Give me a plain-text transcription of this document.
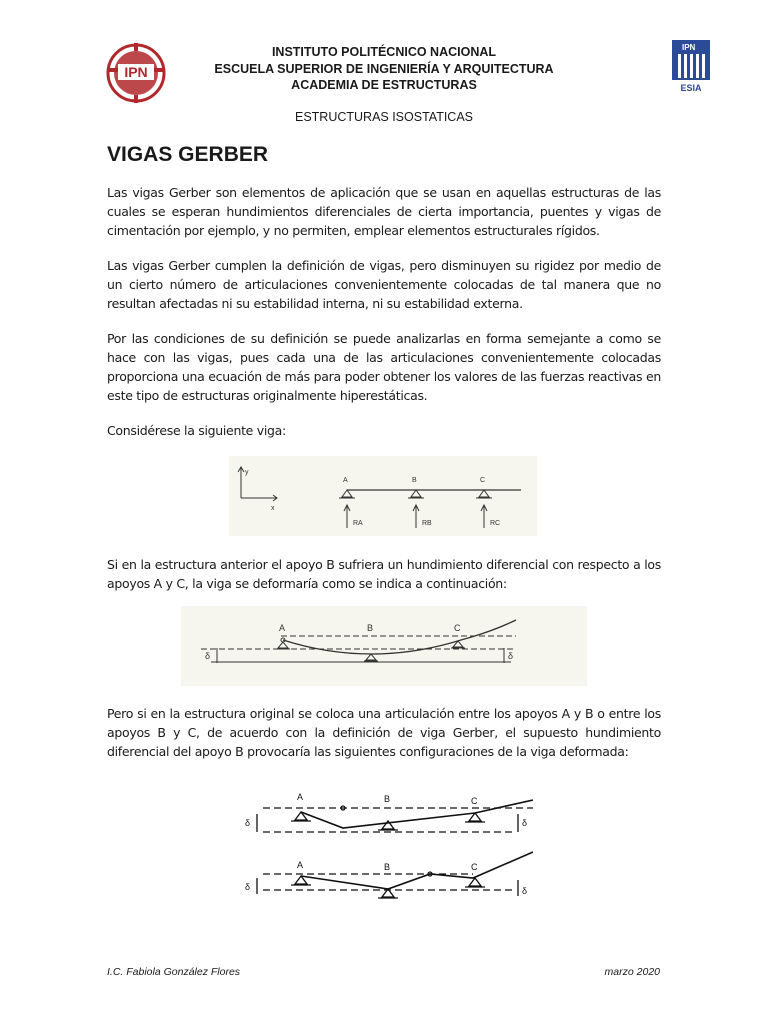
IPN
IPN
ESIA
INSTITUTO POLITÉCNICO NACIONAL
ESCUELA SUPERIOR DE INGENIERÍA Y ARQUITECTURA
ACADEMIA DE ESTRUCTURAS
ESTRUCTURAS ISOSTATICAS
VIGAS GERBER
Las vigas Gerber son elementos de aplicación que se usan en aquellas estructuras de las cuales se esperan hundimientos diferenciales de cierta importancia, puentes y vigas de cimentación por ejemplo, y no permiten, emplear elementos estructurales rígidos.
Las vigas Gerber cumplen la definición de vigas, pero disminuyen su rigidez por medio de un cierto número de articulaciones convenientemente colocadas de tal manera que no resultan afectadas ni su estabilidad interna, ni su estabilidad externa.
Por las condiciones de su definición se puede analizarlas en forma semejante a como se hace con las vigas, pues cada una de las articulaciones convenientemente colocadas proporciona una ecuación de más para poder obtener los valores de las fuerzas reactivas en este tipo de estructuras originalmente hiperestáticas.
Considérese la siguiente viga:
y
x
A	B	C
RA	RB	RC
Si en la estructura anterior el apoyo B sufriera un hundimiento diferencial con respecto a los apoyos A y C, la viga se deformaría como se indica a continuación:
A	B	C
δ	δ
Pero si en la estructura original se coloca una articulación entre los apoyos A y B o entre los apoyos B y C, de acuerdo con la definición de viga Gerber, el supuesto hundimiento diferencial del apoyo B provocaría las siguientes configuraciones de la viga deformada:
A	B	C
δ	δ
A	B	C
δ	δ
I.C. Fabiola González Flores	marzo 2020
